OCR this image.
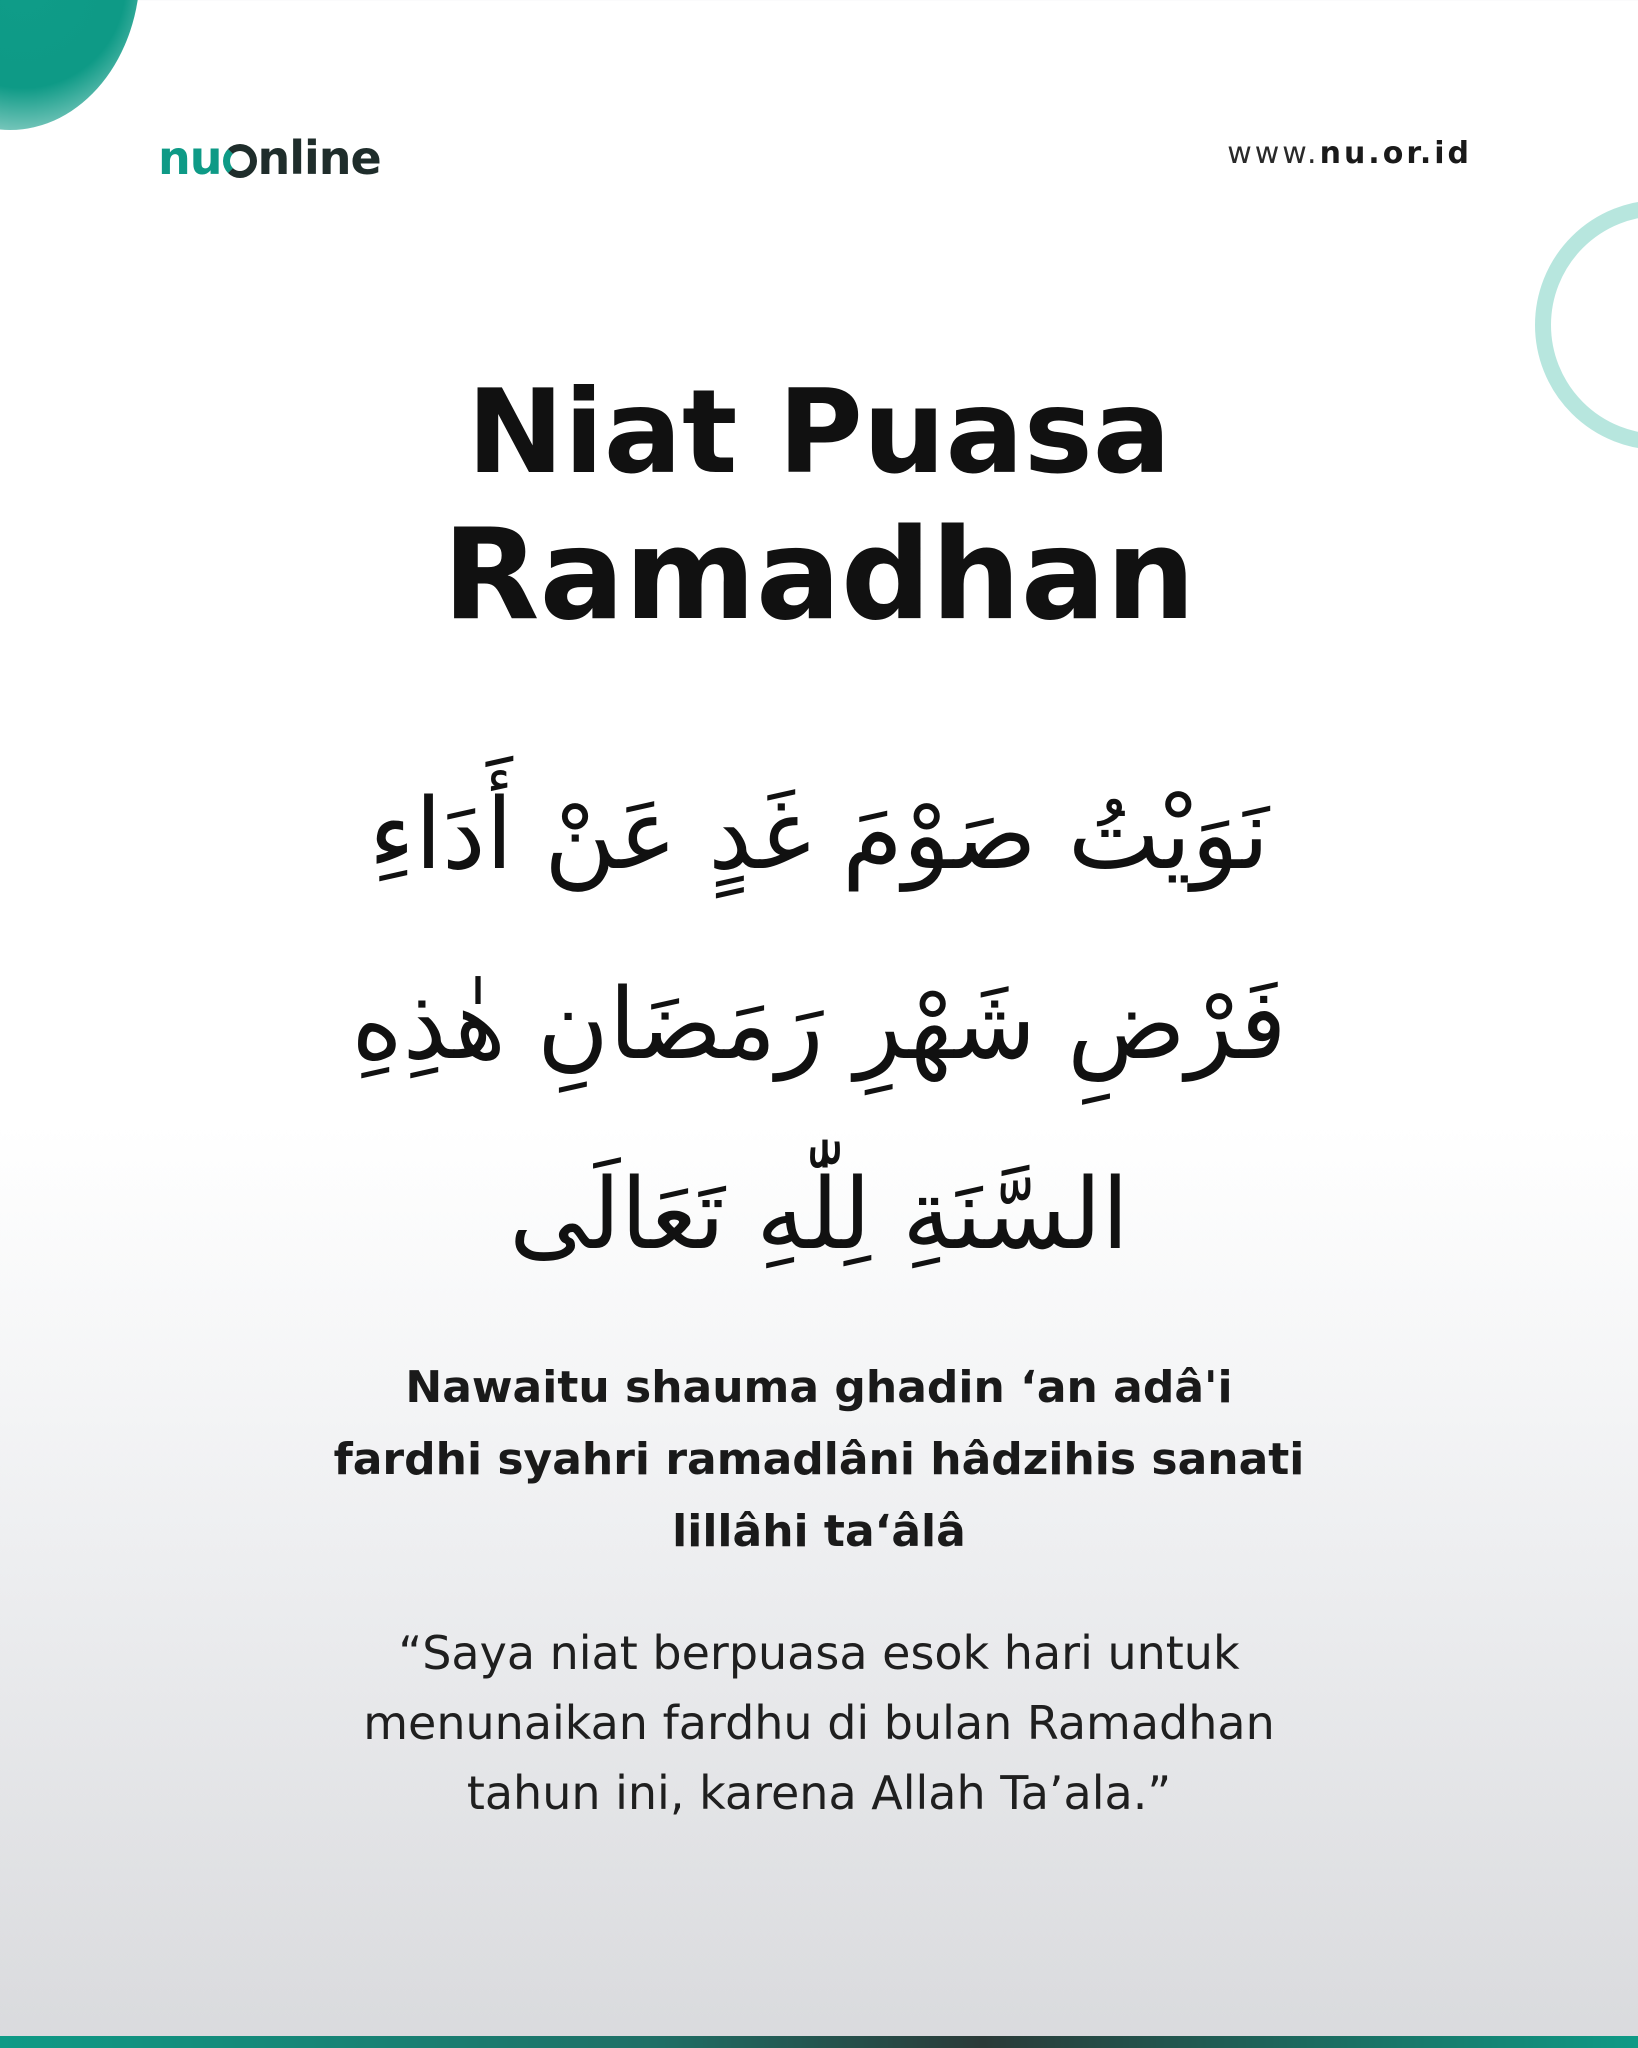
nu nline	www.nu.or.id
Niat Puasa
Ramadhan
نَوَيْتُ صَوْمَ غَدٍ عَنْ أَدَاءِ فَرْضِ شَهْرِ رَمَضَانِ هٰذِهِ السَّنَةِ لِلّٰهِ تَعَالَى
Nawaitu shauma ghadin ‘an adâ'i
fardhi syahri ramadlâni hâdzihis sanati
lillâhi ta‘âlâ
“Saya niat berpuasa esok hari untuk
menunaikan fardhu di bulan Ramadhan
tahun ini, karena Allah Ta’ala.”
